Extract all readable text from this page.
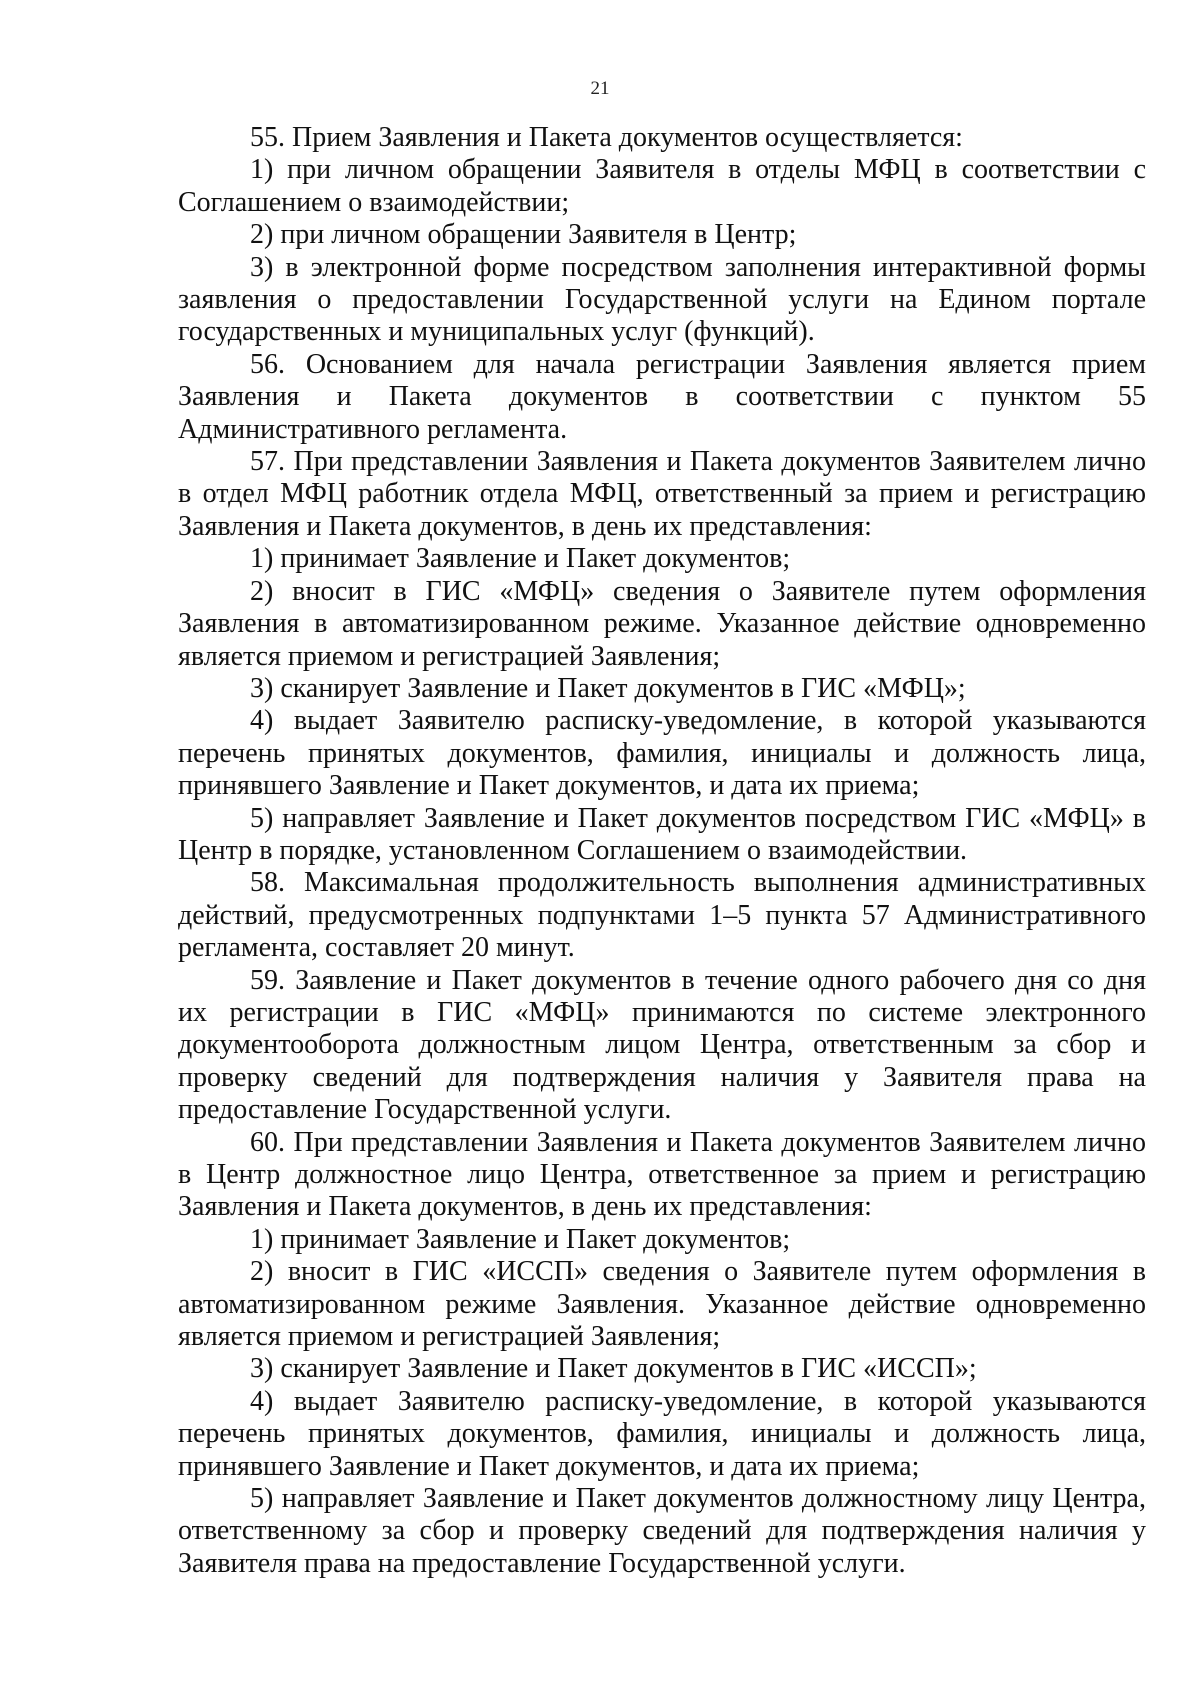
21

55. Прием Заявления и Пакета документов осуществляется:

1) при личном обращении Заявителя в отделы МФЦ в соответствии с Соглашением о взаимодействии;

2) при личном обращении Заявителя в Центр;

3) в электронной форме посредством заполнения интерактивной формы заявления о предоставлении Государственной услуги на Едином портале государственных и муниципальных услуг (функций).

56. Основанием для начала регистрации Заявления является прием Заявления и Пакета документов в соответствии с пунктом 55 Административного регламента.

57. При представлении Заявления и Пакета документов Заявителем лично в отдел МФЦ работник отдела МФЦ, ответственный за прием и регистрацию Заявления и Пакета документов, в день их представления:

1) принимает Заявление и Пакет документов;

2) вносит в ГИС «МФЦ» сведения о Заявителе путем оформления Заявления в автоматизированном режиме. Указанное действие одновременно является приемом и регистрацией Заявления;

3) сканирует Заявление и Пакет документов в ГИС «МФЦ»;

4) выдает Заявителю расписку-уведомление, в которой указываются перечень принятых документов, фамилия, инициалы и должность лица, принявшего Заявление и Пакет документов, и дата их приема;

5) направляет Заявление и Пакет документов посредством ГИС «МФЦ» в Центр в порядке, установленном Соглашением о взаимодействии.

58. Максимальная продолжительность выполнения административных действий, предусмотренных подпунктами 1–5 пункта 57 Административного регламента, составляет 20 минут.

59. Заявление и Пакет документов в течение одного рабочего дня со дня их регистрации в ГИС «МФЦ» принимаются по системе электронного документооборота должностным лицом Центра, ответственным за сбор и проверку сведений для подтверждения наличия у Заявителя права на предоставление Государственной услуги.

60. При представлении Заявления и Пакета документов Заявителем лично в Центр должностное лицо Центра, ответственное за прием и регистрацию Заявления и Пакета документов, в день их представления:

1) принимает Заявление и Пакет документов;

2) вносит в ГИС «ИССП» сведения о Заявителе путем оформления в автоматизированном режиме Заявления. Указанное действие одновременно является приемом и регистрацией Заявления;

3) сканирует Заявление и Пакет документов в ГИС «ИССП»;

4) выдает Заявителю расписку-уведомление, в которой указываются перечень принятых документов, фамилия, инициалы и должность лица, принявшего Заявление и Пакет документов, и дата их приема;

5) направляет Заявление и Пакет документов должностному лицу Центра, ответственному за сбор и проверку сведений для подтверждения наличия у Заявителя права на предоставление Государственной услуги.
